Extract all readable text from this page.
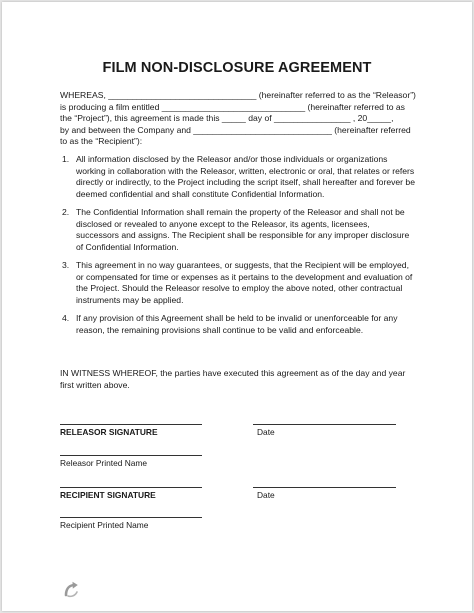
FILM NON-DISCLOSURE AGREEMENT
WHEREAS, _______________________________ (hereinafter referred to as the “Releasor”)
is producing a film entitled ______________________________ (hereinafter referred to as
the “Project”), this agreement is made this _____ day of ________________ , 20_____,
by and between the Company and _____________________________ (hereinafter referred
to as the “Recipient”):
1. All information disclosed by the Releasor and/or those individuals or organizations
working in collaboration with the Releasor, written, electronic or oral, that relates or refers
directly or indirectly, to the Project including the script itself, shall hereafter and forever be
deemed confidential and shall constitute Confidential Information.
2. The Confidential Information shall remain the property of the Releasor and shall not be
disclosed or revealed to anyone except to the Releasor, its agents, licensees,
successors and assigns. The Recipient shall be responsible for any improper disclosure
of Confidential Information.
3. This agreement in no way guarantees, or suggests, that the Recipient will be employed,
or compensated for time or expenses as it pertains to the development and evaluation of
the Project. Should the Releasor resolve to employ the above noted, other contractual
instruments may be applied.
4. If any provision of this Agreement shall be held to be invalid or unenforceable for any
reason, the remaining provisions shall continue to be valid and enforceable.
IN WITNESS WHEREOF, the parties have executed this agreement as of the day and year
first written above.
RELEASOR SIGNATURE	Date
Releasor Printed Name
RECIPIENT SIGNATURE	Date
Recipient Printed Name
